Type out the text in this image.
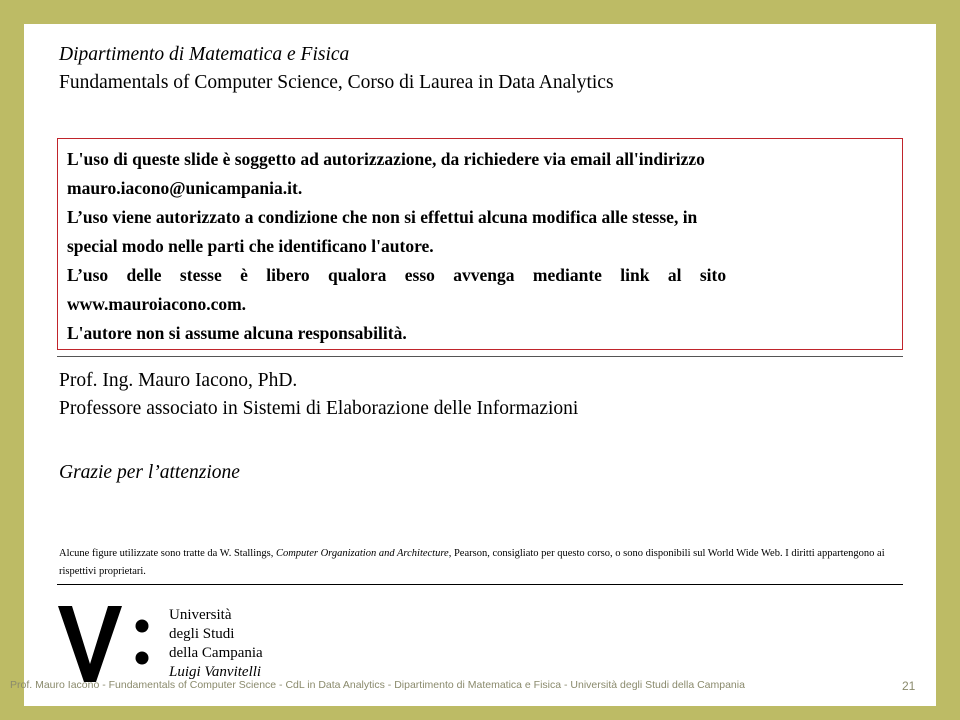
Dipartimento di Matematica e Fisica
Fundamentals of Computer Science, Corso di Laurea in Data Analytics

L'uso di queste slide è soggetto ad autorizzazione, da richiedere via email all'indirizzo

mauro.iacono@unicampania.it.

L’uso viene autorizzato a condizione che non si effettui alcuna modifica alle stesse, in

special modo nelle parti che identificano l'autore.

L’uso delle stesse è libero qualora esso avvenga mediante link al sito

www.mauroiacono.com.

L'autore non si assume alcuna responsabilità.

Prof. Ing. Mauro Iacono, PhD.
Professore associato in Sistemi di Elaborazione delle Informazioni
Grazie per l’attenzione
Alcune figure utilizzate sono tratte da W. Stallings, Computer Organization and Architecture, Pearson, consigliato per questo corso, o sono disponibili sul World Wide Web. I diritti appartengono ai rispettivi proprietari.
Università
degli Studi
della Campania
Luigi Vanvitelli
Prof. Mauro Iacono - Fundamentals of Computer Science - CdL in Data Analytics - Dipartimento di Matematica e Fisica - Università degli Studi della Campania	21
